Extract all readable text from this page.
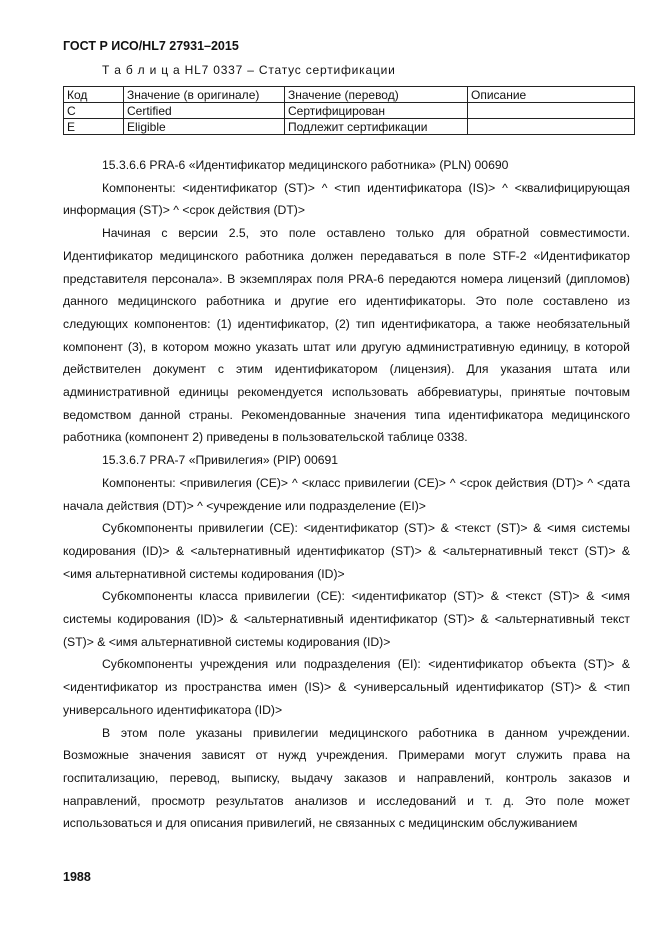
ГОСТ Р ИСО/HL7 27931–2015
Т а б л и ц а HL7 0337 – Статус сертификации
Код	Значение (в оригинале)	Значение (перевод)	Описание
C	Certified	Сертифицирован	
E	Eligible	Подлежит сертификации	

15.3.6.6 PRA-6 «Идентификатор медицинского работника» (PLN) 00690

Компоненты: <идентификатор (ST)> ^ <тип идентификатора (IS)> ^ <квалифицирующая информация (ST)> ^ <срок действия (DT)>

Начиная с версии 2.5, это поле оставлено только для обратной совместимости. Идентификатор медицинского работника должен передаваться в поле STF-2 «Идентификатор представителя персонала». В экземплярах поля PRA-6 передаются номера лицензий (дипломов) данного медицинского работника и другие его идентификаторы. Это поле составлено из следующих компонентов: (1) идентификатор, (2) тип идентификатора, а также необязательный компонент (3), в котором можно указать штат или другую административную единицу, в которой действителен документ с этим идентификатором (лицензия). Для указания штата или административной единицы рекомендуется использовать аббревиатуры, принятые почтовым ведомством данной страны. Рекомендованные значения типа идентификатора медицинского работника (компонент 2) приведены в пользовательской таблице 0338.

15.3.6.7 PRA-7 «Привилегия» (PIP) 00691

Компоненты: <привилегия (CE)> ^ <класс привилегии (CE)> ^ <срок действия (DT)> ^ <дата начала действия (DT)> ^ <учреждение или подразделение (EI)>

Субкомпоненты привилегии (CE): <идентификатор (ST)> & <текст (ST)> & <имя системы кодирования (ID)> & <альтернативный идентификатор (ST)> & <альтернативный текст (ST)> & <имя альтернативной системы кодирования (ID)>

Субкомпоненты класса привилегии (CE): <идентификатор (ST)> & <текст (ST)> & <имя системы кодирования (ID)> & <альтернативный идентификатор (ST)> & <альтернативный текст (ST)> & <имя альтернативной системы кодирования (ID)>

Субкомпоненты учреждения или подразделения (EI): <идентификатор объекта (ST)> & <идентификатор из пространства имен (IS)> & <универсальный идентификатор (ST)> & <тип универсального идентификатора (ID)>

В этом поле указаны привилегии медицинского работника в данном учреждении. Возможные значения зависят от нужд учреждения. Примерами могут служить права на госпитализацию, перевод, выписку, выдачу заказов и направлений, контроль заказов и направлений, просмотр результатов анализов и исследований и т. д. Это поле может использоваться и для описания привилегий, не связанных с медицинским обслуживанием

1988
